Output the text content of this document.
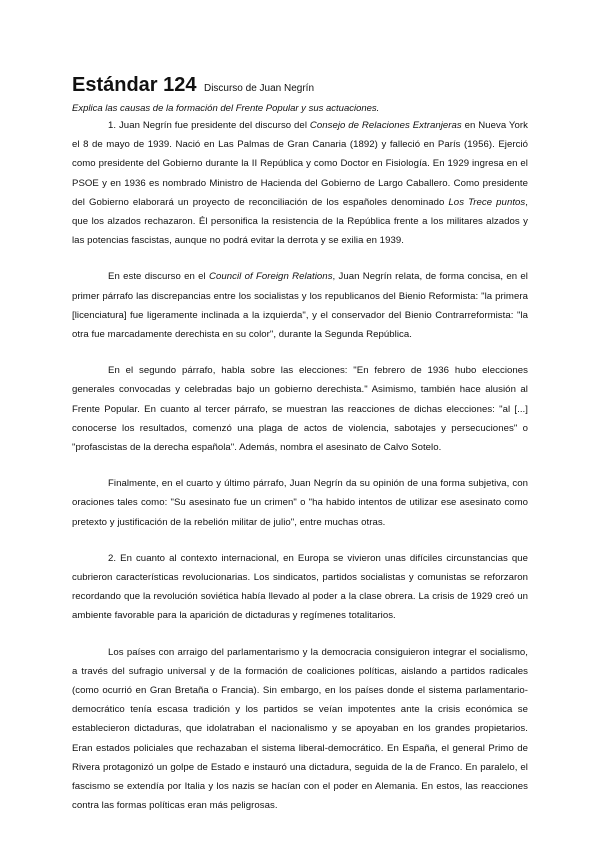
Estándar 124 Discurso de Juan Negrín
Explica las causas de la formación del Frente Popular y sus actuaciones.

1. Juan Negrín fue presidente del discurso del Consejo de Relaciones Extranjeras en Nueva York el 8 de mayo de 1939. Nació en Las Palmas de Gran Canaria (1892) y falleció en París (1956). Ejerció como presidente del Gobierno durante la II República y como Doctor en Fisiología. En 1929 ingresa en el PSOE y en 1936 es nombrado Ministro de Hacienda del Gobierno de Largo Caballero. Como presidente del Gobierno elaborará un proyecto de reconciliación de los españoles denominado Los Trece puntos, que los alzados rechazaron. Él personifica la resistencia de la República frente a los militares alzados y las potencias fascistas, aunque no podrá evitar la derrota y se exilia en 1939.

En este discurso en el Council of Foreign Relations, Juan Negrín relata, de forma concisa, en el primer párrafo las discrepancias entre los socialistas y los republicanos del Bienio Reformista: "la primera [licenciatura] fue ligeramente inclinada a la izquierda", y el conservador del Bienio Contrarreformista: "la otra fue marcadamente derechista en su color", durante la Segunda República.

En el segundo párrafo, habla sobre las elecciones: "En febrero de 1936 hubo elecciones generales convocadas y celebradas bajo un gobierno derechista." Asimismo, también hace alusión al Frente Popular. En cuanto al tercer párrafo, se muestran las reacciones de dichas elecciones: "al [...] conocerse los resultados, comenzó una plaga de actos de violencia, sabotajes y persecuciones" o "profascistas de la derecha española". Además, nombra el asesinato de Calvo Sotelo.

Finalmente, en el cuarto y último párrafo, Juan Negrín da su opinión de una forma subjetiva, con oraciones tales como: "Su asesinato fue un crimen" o "ha habido intentos de utilizar ese asesinato como pretexto y justificación de la rebelión militar de julio", entre muchas otras.

2. En cuanto al contexto internacional, en Europa se vivieron unas difíciles circunstancias que cubrieron características revolucionarias. Los sindicatos, partidos socialistas y comunistas se reforzaron recordando que la revolución soviética había llevado al poder a la clase obrera. La crisis de 1929 creó un ambiente favorable para la aparición de dictaduras y regímenes totalitarios.

Los países con arraigo del parlamentarismo y la democracia consiguieron integrar el socialismo, a través del sufragio universal y de la formación de coaliciones políticas, aislando a partidos radicales (como ocurrió en Gran Bretaña o Francia). Sin embargo, en los países donde el sistema parlamentario-democrático tenía escasa tradición y los partidos se veían impotentes ante la crisis económica se establecieron dictaduras, que idolatraban el nacionalismo y se apoyaban en los grandes propietarios. Eran estados policiales que rechazaban el sistema liberal-democrático. En España, el general Primo de Rivera protagonizó un golpe de Estado e instauró una dictadura, seguida de la de Franco. En paralelo, el fascismo se extendía por Italia y los nazis se hacían con el poder en Alemania. En estos, las reacciones contra las formas políticas eran más peligrosas.
